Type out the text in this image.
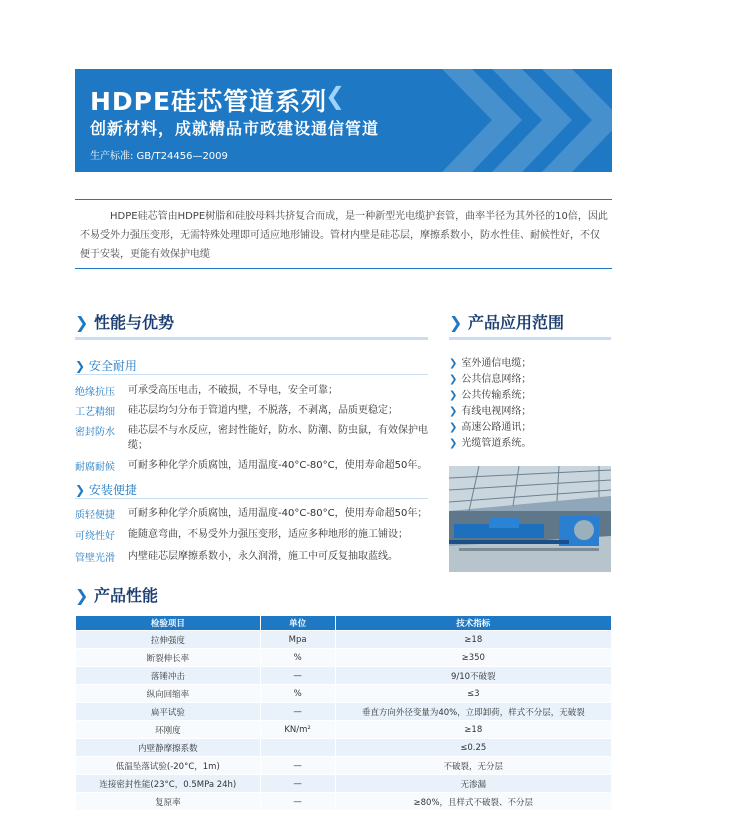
HDPE硅芯管道系列
❮
创新材料，成就精品市政建设通信管道
生产标准: GB/T24456—2009
HDPE硅芯管由HDPE树脂和硅胶母料共挤复合而成，是一种新型光电缆护套管，曲率半径为其外径的10倍，因此不易受外力强压变形，无需特殊处理即可适应地形铺设。管材内壁是硅芯层，摩擦系数小，防水性佳、耐候性好，不仅便于安装，更能有效保护电缆
❯ 性能与优势
❯ 安全耐用
绝缘抗压 可承受高压电击，不破损，不导电，安全可靠；
工艺精细 硅芯层均匀分布于管道内壁，不脱落，不剥离，品质更稳定；
密封防水 硅芯层不与水反应，密封性能好，防水、防潮、防虫鼠，有效保护电缆；
耐腐耐候 可耐多种化学介质腐蚀，适用温度-40°C-80°C，使用寿命超50年。
❯ 安装便捷
质轻便捷 可耐多种化学介质腐蚀，适用温度-40°C-80°C，使用寿命超50年；
可绕性好 能随意弯曲，不易受外力强压变形，适应多种地形的施工铺设；
管壁光滑 内壁硅芯层摩擦系数小，永久润滑，施工中可反复抽取蓝线。
❯ 产品应用范围
❯ 室外通信电缆；
❯ 公共信息网络；
❯ 公共传输系统；
❯ 有线电视网络；
❯ 高速公路通讯；
❯ 光缆管道系统。
❯ 产品性能
检验项目	单位	技术指标
拉伸强度	Mpa	≥18
断裂伸长率	%	≥350
落锤冲击	—	9/10不破裂
纵向回缩率	%	≤3
扁平试验	—	垂直方向外径变量为40%，立即卸荷，样式不分层，无破裂
环刚度	KN/m²	≥18
内壁静摩擦系数		≤0.25
低温坠落试验(-20°C，1m)	—	不破裂，无分层
连接密封性能(23°C，0.5MPa 24h)	—	无渗漏
复原率	—	≥80%，且样式不破裂、不分层
